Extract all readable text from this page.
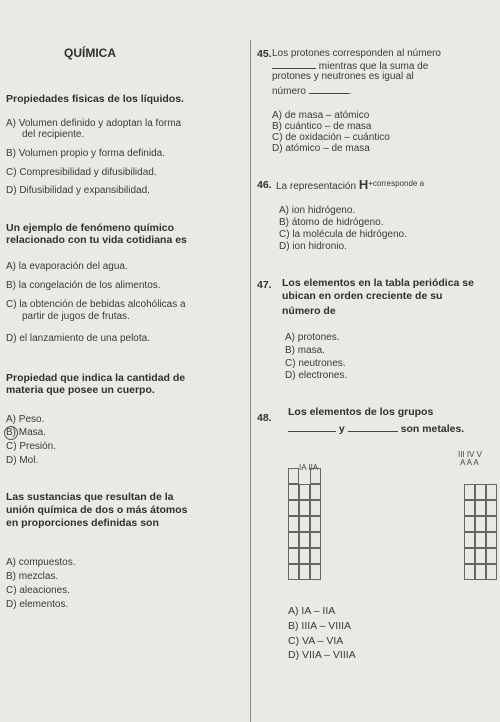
QUÍMICA
Propiedades físicas de los líquidos.
A) Volumen definido y adoptan la forma
del recipiente.
B) Volumen propio y forma definida.
C) Compresibilidad y difusibilidad.
D) Difusibilidad y expansibilidad.
Un ejemplo de fenómeno químico
relacionado con tu vida cotidiana es
A) la evaporación del agua.
B) la congelación de los alimentos.
C) la obtención de bebidas alcohólicas a
partir de jugos de frutas.
D) el lanzamiento de una pelota.
Propiedad que indica la cantidad de
materia que posee un cuerpo.
A) Peso.
B) Masa.
C) Presión.
D) Mol.
Las sustancias que resultan de la
unión química de dos o más átomos
en proporciones definidas son
A) compuestos.
B) mezclas.
C) aleaciones.
D) elementos.
45. Los protones corresponden al número
mientras que la suma de
protones y neutrones es igual al
número	.
A) de masa – atómico
B) cuántico – de masa
C) de oxidación – cuántico
D) atómico – de masa
46. La representación $H^{+corresponde a}$
A) ion hidrógeno.
B) átomo de hidrógeno.
C) la molécula de hidrógeno.
D) ion hidronio.
47. Los elementos en la tabla periódica se
ubican en orden creciente de su
número de
A) protones.
B) masa.
C) neutrones.
D) electrones.
48. Los elementos de los grupos
y	son metales.
IA IIA
III IV V
A A A
A) IA – IIA
B) IIIA – VIIIA
C) VA – VIA
D) VIIA – VIIIA
